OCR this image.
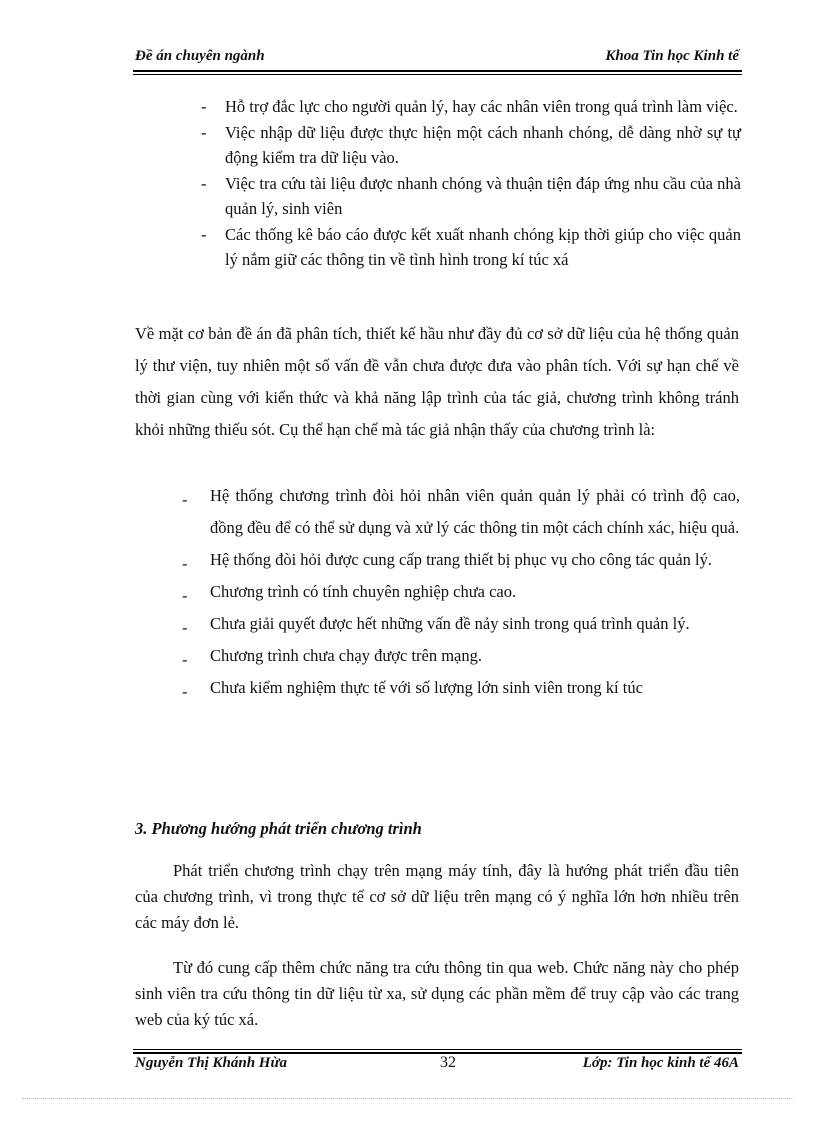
Đề án chuyên ngành	Khoa Tin học Kinh tế
- Hỗ trợ đắc lực cho người quản lý, hay các nhân viên trong quá trình làm việc.
- Việc nhập dữ liệu được thực hiện một cách nhanh chóng, dễ dàng nhờ sự tự động kiểm tra dữ liệu vào.
- Việc tra cứu tài liệu được nhanh chóng và thuận tiện đáp ứng nhu cầu của nhà quản lý, sinh viên
- Các thống kê báo cáo được kết xuất nhanh chóng kịp thời giúp cho việc quản lý nắm giữ các thông tin về tình hình trong kí túc xá

Về mặt cơ bản đề án đã phân tích, thiết kế hầu như đầy đủ cơ sở dữ liệu của hệ thống quản lý thư viện, tuy nhiên một số vấn đề vẫn chưa được đưa vào phân tích. Với sự hạn chế về thời gian cùng với kiến thức và khả năng lập trình của tác giả, chương trình không tránh khỏi những thiếu sót. Cụ thể hạn chế mà tác giả nhận thấy của chương trình là:

- Hệ thống chương trình đòi hỏi nhân viên quản quản lý phải có trình độ cao, đồng đều để có thể sử dụng và xử lý các thông tin một cách chính xác, hiệu quả.
- Hệ thống đòi hỏi được cung cấp trang thiết bị phục vụ cho công tác quản lý.
- Chương trình có tính chuyên nghiệp chưa cao.
- Chưa giải quyết được hết những vấn đề nảy sinh trong quá trình quản lý.
- Chương trình chưa chạy được trên mạng.
- Chưa kiểm nghiệm thực tế với số lượng lớn sinh viên trong kí túc
3. Phương hướng phát triển chương trình

Phát triển chương trình chạy trên mạng máy tính, đây là hướng phát triển đầu tiên của chương trình, vì trong thực tế cơ sở dữ liệu trên mạng có ý nghĩa lớn hơn nhiều trên các máy đơn lẻ.

Từ đó cung cấp thêm chức năng tra cứu thông tin qua web. Chức năng này cho phép sinh viên tra cứu thông tin dữ liệu từ xa, sử dụng các phần mềm để truy cập vào các trang web của ký túc xá.

Nguyễn Thị Khánh Hừa	32	Lớp: Tin học kinh tế 46A
